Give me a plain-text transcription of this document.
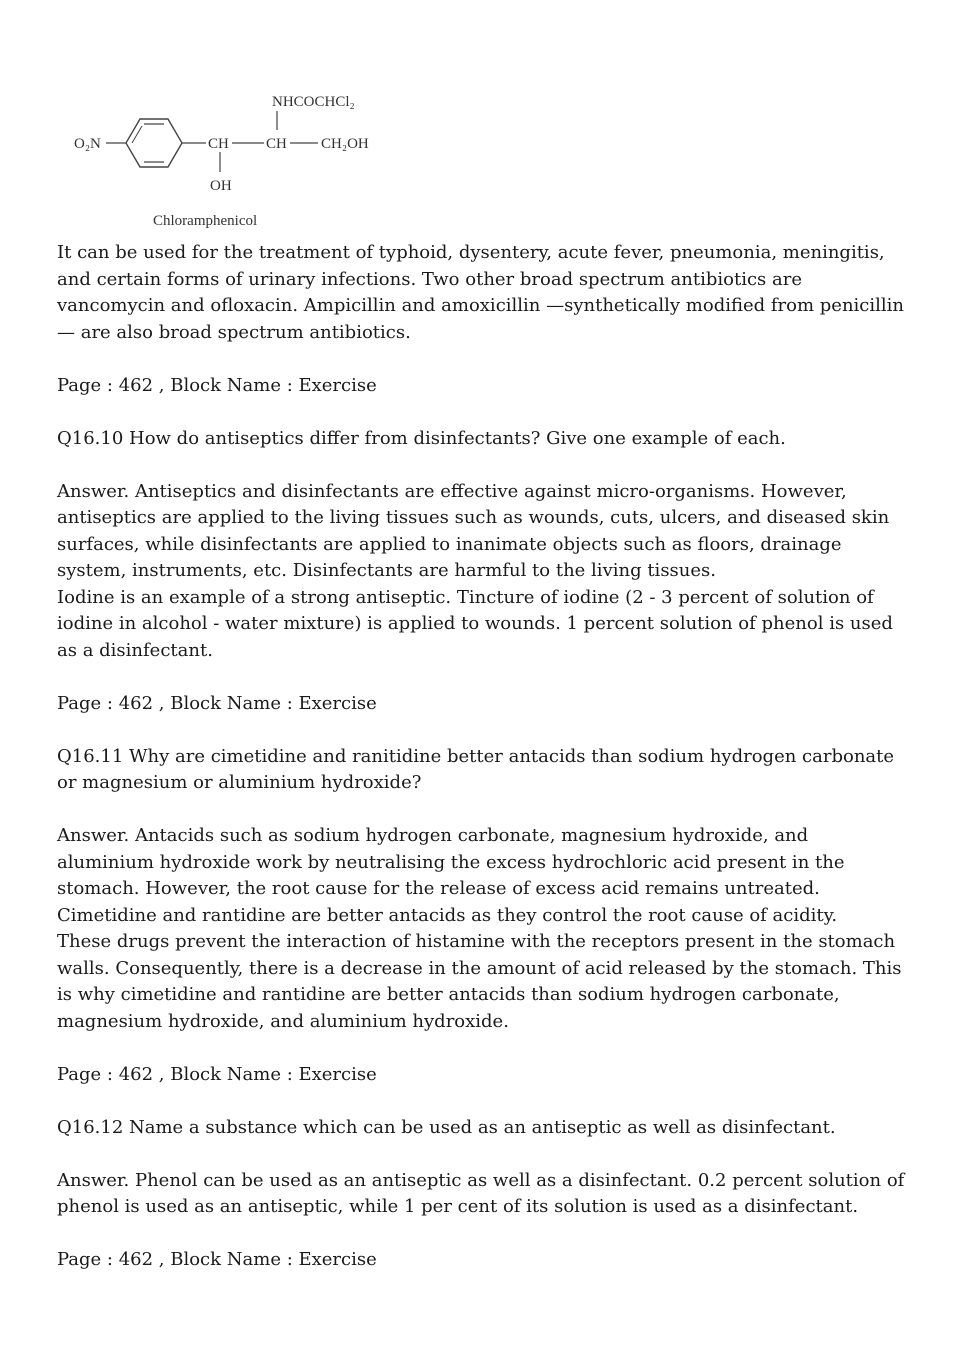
NHCOCHCl₂
O₂N	CH CH CH₂OH
OH
Chloramphenicol

It can be used for the treatment of typhoid, dysentery, acute fever, pneumonia, meningitis, and certain forms of urinary infections. Two other broad spectrum antibiotics are vancomycin and ofloxacin. Ampicillin and amoxicillin —synthetically modified from penicillin — are also broad spectrum antibiotics.

Page : 462 , Block Name : Exercise

Q16.10 How do antiseptics differ from disinfectants? Give one example of each.

Answer. Antiseptics and disinfectants are effective against micro-organisms. However, antiseptics are applied to the living tissues such as wounds, cuts, ulcers, and diseased skin surfaces, while disinfectants are applied to inanimate objects such as floors, drainage system, instruments, etc. Disinfectants are harmful to the living tissues.

Iodine is an example of a strong antiseptic. Tincture of iodine (2 - 3 percent of solution of iodine in alcohol - water mixture) is applied to wounds. 1 percent solution of phenol is used as a disinfectant.

Page : 462 , Block Name : Exercise

Q16.11 Why are cimetidine and ranitidine better antacids than sodium hydrogen carbonate or magnesium or aluminium hydroxide?

Answer. Antacids such as sodium hydrogen carbonate, magnesium hydroxide, and aluminium hydroxide work by neutralising the excess hydrochloric acid present in the stomach. However, the root cause for the release of excess acid remains untreated.

Cimetidine and rantidine are better antacids as they control the root cause of acidity.

These drugs prevent the interaction of histamine with the receptors present in the stomach walls. Consequently, there is a decrease in the amount of acid released by the stomach. This is why cimetidine and rantidine are better antacids than sodium hydrogen carbonate, magnesium hydroxide, and aluminium hydroxide.

Page : 462 , Block Name : Exercise

Q16.12 Name a substance which can be used as an antiseptic as well as disinfectant.

Answer. Phenol can be used as an antiseptic as well as a disinfectant. 0.2 percent solution of phenol is used as an antiseptic, while 1 per cent of its solution is used as a disinfectant.

Page : 462 , Block Name : Exercise
